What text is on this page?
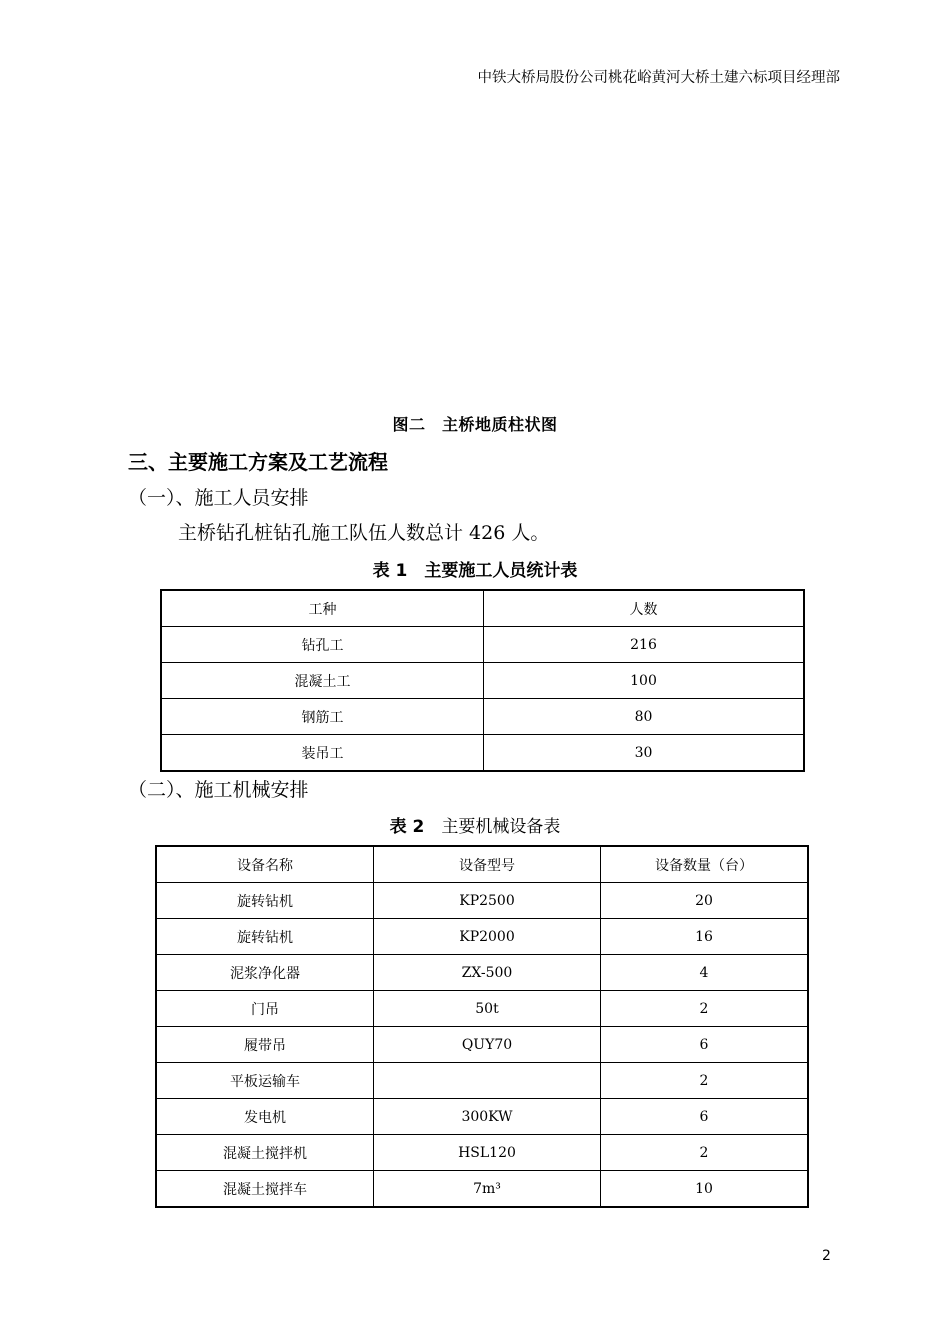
中铁大桥局股份公司桃花峪黄河大桥土建六标项目经理部
图二　主桥地质柱状图
三、主要施工方案及工艺流程
（一）、施工人员安排
主桥钻孔桩钻孔施工队伍人数总计 426 人。
表 1　主要施工人员统计表
工种	人数
钻孔工	216
混凝土工	100
钢筋工	80
装吊工	30
（二）、施工机械安排
表 2　主要机械设备表
设备名称	设备型号	设备数量（台）
旋转钻机	KP2500	20
旋转钻机	KP2000	16
泥浆净化器	ZX-500	4
门吊	50t	2
履带吊	QUY70	6
平板运输车		2
发电机	300KW	6
混凝土搅拌机	HSL120	2
混凝土搅拌车	7m³	10
2
